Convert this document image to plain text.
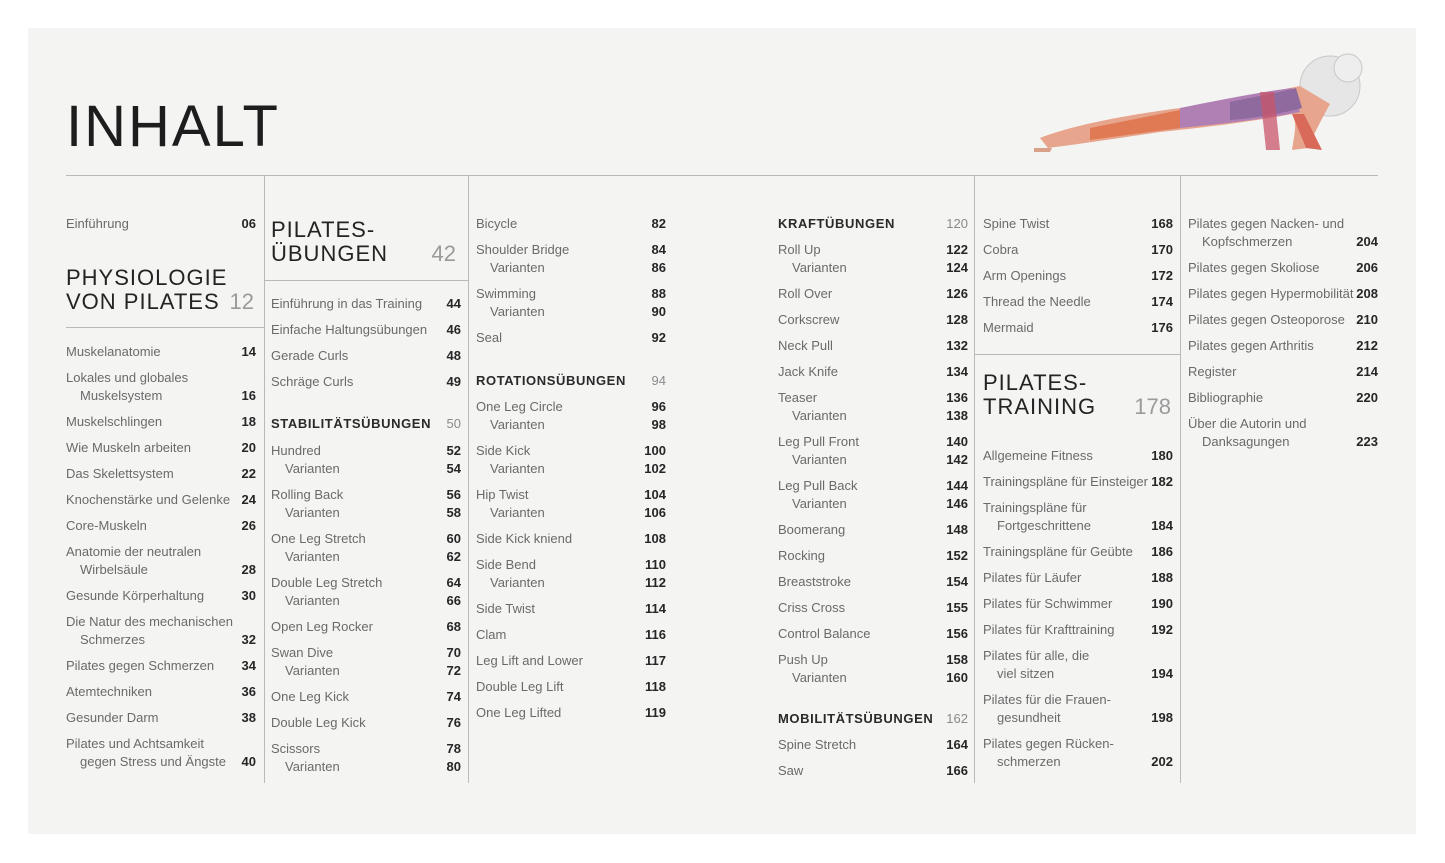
INHALT
Einführung	06
PHYSIOLOGIE
VON PILATES 12
Muskelanatomie	14
Lokales und globales
Muskelsystem	16
Muskelschlingen	18
Wie Muskeln arbeiten	20
Das Skelettsystem	22
Knochenstärke und Gelenke 24
Core-Muskeln	26
Anatomie der neutralen
Wirbelsäule	28
Gesunde Körperhaltung	30
Die Natur des mechanischen
Schmerzes	32
Pilates gegen Schmerzen	34
Atemtechniken	36
Gesunder Darm	38
Pilates und Achtsamkeit
gegen Stress und Ängste 40
PILATES-
ÜBUNGEN	42
Einführung in das Training	44
Einfache Haltungsübungen	46
Gerade Curls	48
Schräge Curls	49
STABILITÄTSÜBUNGEN 50
Hundred	52
Varianten	54
Rolling Back	56
Varianten	58
One Leg Stretch	60
Varianten	62
Double Leg Stretch	64
Varianten	66
Open Leg Rocker	68
Swan Dive	70
Varianten	72
One Leg Kick	74
Double Leg Kick	76
Scissors	78
Varianten	80
Bicycle	82
Shoulder Bridge	84
Varianten	86
Swimming	88
Varianten	90
Seal	92
ROTATIONSÜBUNGEN 94
One Leg Circle	96
Varianten	98
Side Kick	100
Varianten	102
Hip Twist	104
Varianten	106
Side Kick kniend	108
Side Bend	110
Varianten	112
Side Twist	114
Clam	116
Leg Lift and Lower	117
Double Leg Lift	118
One Leg Lifted	119
KRAFTÜBUNGEN	120
Roll Up	122
Varianten	124
Roll Over	126
Corkscrew	128
Neck Pull	132
Jack Knife	134
Teaser	136
Varianten	138
Leg Pull Front	140
Varianten	142
Leg Pull Back	144
Varianten	146
Boomerang	148
Rocking	152
Breaststroke	154
Criss Cross	155
Control Balance	156
Push Up	158
Varianten	160
MOBILITÄTSÜBUNGEN 162
Spine Stretch	164
Saw	166
Spine Twist	168
Cobra	170
Arm Openings	172
Thread the Needle	174
Mermaid	176
PILATES-
TRAINING	178
Allgemeine Fitness	180
Trainingspläne für Einsteiger 182
Trainingspläne für
Fortgeschrittene	184
Trainingspläne für Geübte	186
Pilates für Läufer	188
Pilates für Schwimmer	190
Pilates für Krafttraining	192
Pilates für alle, die
viel sitzen	194
Pilates für die Frauen-
gesundheit	198
Pilates gegen Rücken-
schmerzen	202
Pilates gegen Nacken- und
Kopfschmerzen	204
Pilates gegen Skoliose	206
Pilates gegen Hypermobilität 208
Pilates gegen Osteoporose 210
Pilates gegen Arthritis	212
Register	214
Bibliographie	220
Über die Autorin und
Danksagungen	223
